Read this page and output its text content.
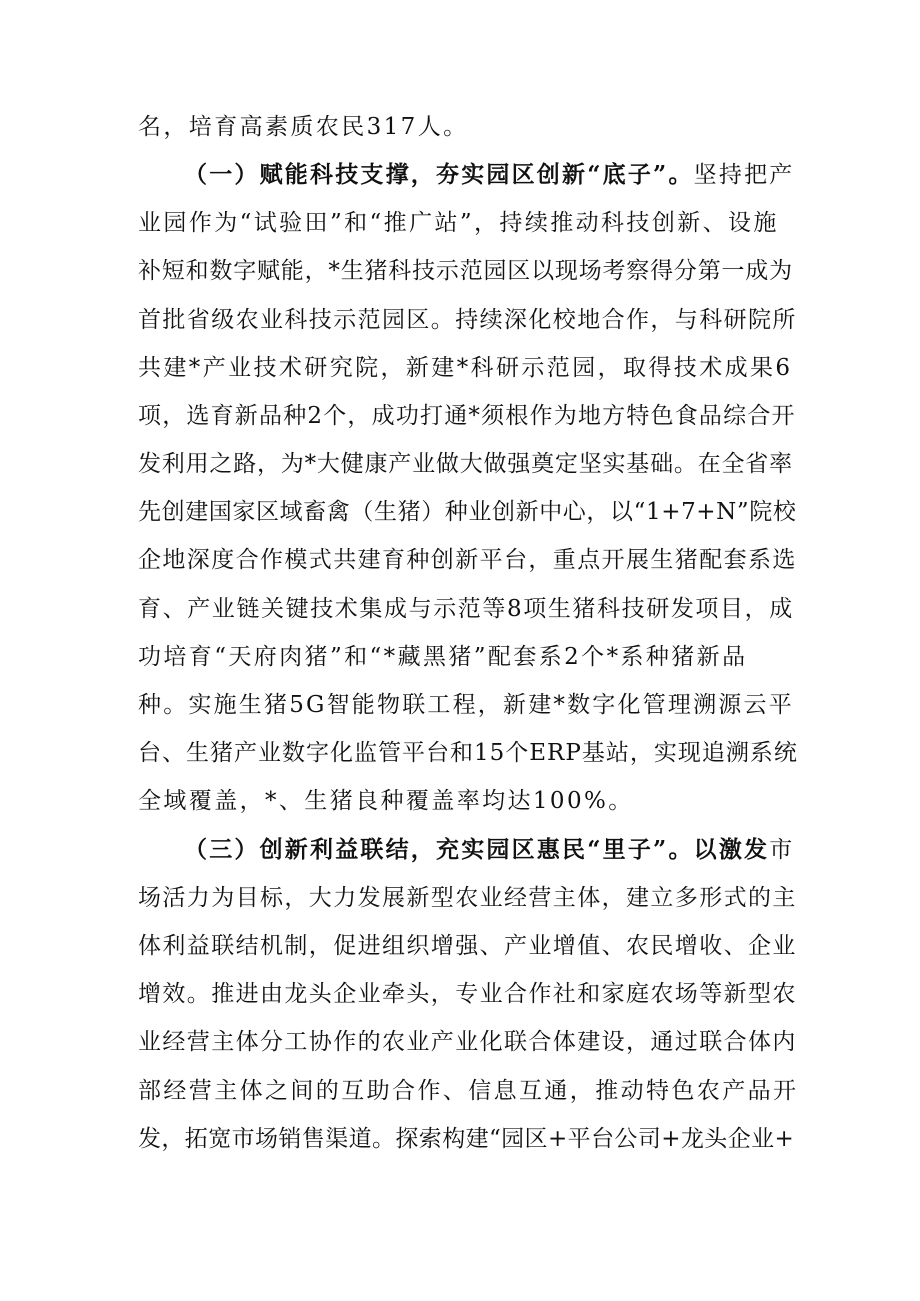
名，培育高素质农民317人。
（一）赋能科技支撑，夯实园区创新“底子”。坚持把产
业园作为“试验田”和“推广站”，持续推动科技创新、设施
补短和数字赋能，*生猪科技示范园区以现场考察得分第一成为
首批省级农业科技示范园区。持续深化校地合作，与科研院所
共建*产业技术研究院，新建*科研示范园，取得技术成果6
项，选育新品种2个，成功打通*须根作为地方特色食品综合开
发利用之路，为*大健康产业做大做强奠定坚实基础。在全省率
先创建国家区域畜禽（生猪）种业创新中心，以“1+7+N”院校
企地深度合作模式共建育种创新平台，重点开展生猪配套系选
育、产业链关键技术集成与示范等8项生猪科技研发项目，成
功培育“天府肉猪”和“*藏黑猪”配套系2个*系种猪新品
种。实施生猪5G智能物联工程，新建*数字化管理溯源云平
台、生猪产业数字化监管平台和15个ERP基站，实现追溯系统
全域覆盖，*、生猪良种覆盖率均达100%。
（三）创新利益联结，充实园区惠民“里子”。以激发市
场活力为目标，大力发展新型农业经营主体，建立多形式的主
体利益联结机制，促进组织增强、产业增值、农民增收、企业
增效。推进由龙头企业牵头，专业合作社和家庭农场等新型农
业经营主体分工协作的农业产业化联合体建设，通过联合体内
部经营主体之间的互助合作、信息互通，推动特色农产品开
发，拓宽市场销售渠道。探索构建“园区+平台公司+龙头企业+
